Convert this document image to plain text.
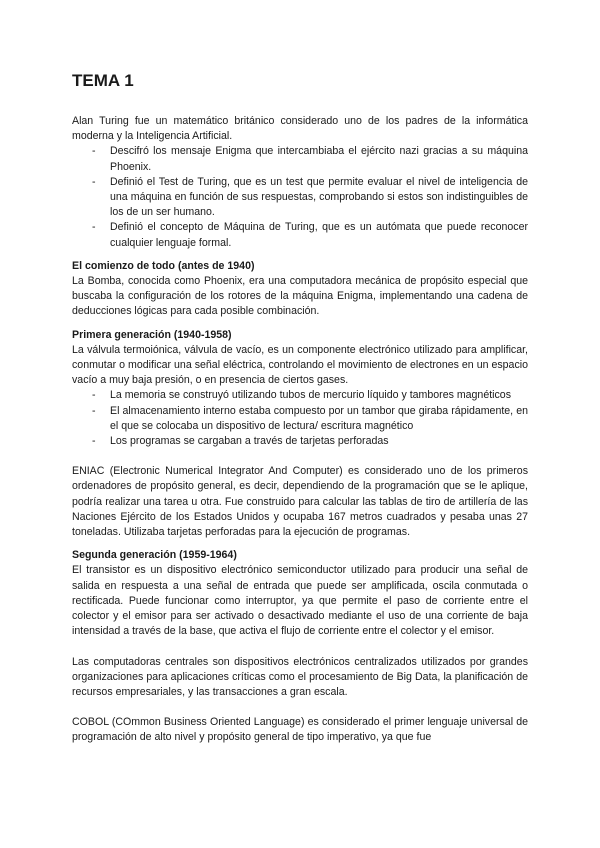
TEMA 1

Alan Turing fue un matemático británico considerado uno de los padres de la informática moderna y la Inteligencia Artificial.

- Descifró los mensaje Enigma que intercambiaba el ejército nazi gracias a su máquina Phoenix.
- Definió el Test de Turing, que es un test que permite evaluar el nivel de inteligencia de una máquina en función de sus respuestas, comprobando si estos son indistinguibles de los de un ser humano.
- Definió el concepto de Máquina de Turing, que es un autómata que puede reconocer cualquier lenguaje formal.
El comienzo de todo (antes de 1940)

La Bomba, conocida como Phoenix, era una computadora mecánica de propósito especial que buscaba la configuración de los rotores de la máquina Enigma, implementando una cadena de deducciones lógicas para cada posible combinación.

Primera generación (1940-1958)

La válvula termoiónica, válvula de vacío, es un componente electrónico utilizado para amplificar, conmutar o modificar una señal eléctrica, controlando el movimiento de electrones en un espacio vacío a muy baja presión, o en presencia de ciertos gases.

- La memoria se construyó utilizando tubos de mercurio líquido y tambores magnéticos
- El almacenamiento interno estaba compuesto por un tambor que giraba rápidamente, en el que se colocaba un dispositivo de lectura/ escritura magnético
- Los programas se cargaban a través de tarjetas perforadas

ENIAC (Electronic Numerical Integrator And Computer) es considerado uno de los primeros ordenadores de propósito general, es decir, dependiendo de la programación que se le aplique, podría realizar una tarea u otra. Fue construido para calcular las tablas de tiro de artillería de las Naciones Ejército de los Estados Unidos y ocupaba 167 metros cuadrados y pesaba unas 27 toneladas. Utilizaba tarjetas perforadas para la ejecución de programas.

Segunda generación (1959-1964)

El transistor es un dispositivo electrónico semiconductor utilizado para producir una señal de salida en respuesta a una señal de entrada que puede ser amplificada, oscila conmutada o rectificada. Puede funcionar como interruptor, ya que permite el paso de corriente entre el colector y el emisor para ser activado o desactivado mediante el uso de una corriente de baja intensidad a través de la base, que activa el flujo de corriente entre el colector y el emisor.

Las computadoras centrales son dispositivos electrónicos centralizados utilizados por grandes organizaciones para aplicaciones críticas como el procesamiento de Big Data, la planificación de recursos empresariales, y las transacciones a gran escala.

COBOL (COmmon Business Oriented Language) es considerado el primer lenguaje universal de programación de alto nivel y propósito general de tipo imperativo, ya que fue
